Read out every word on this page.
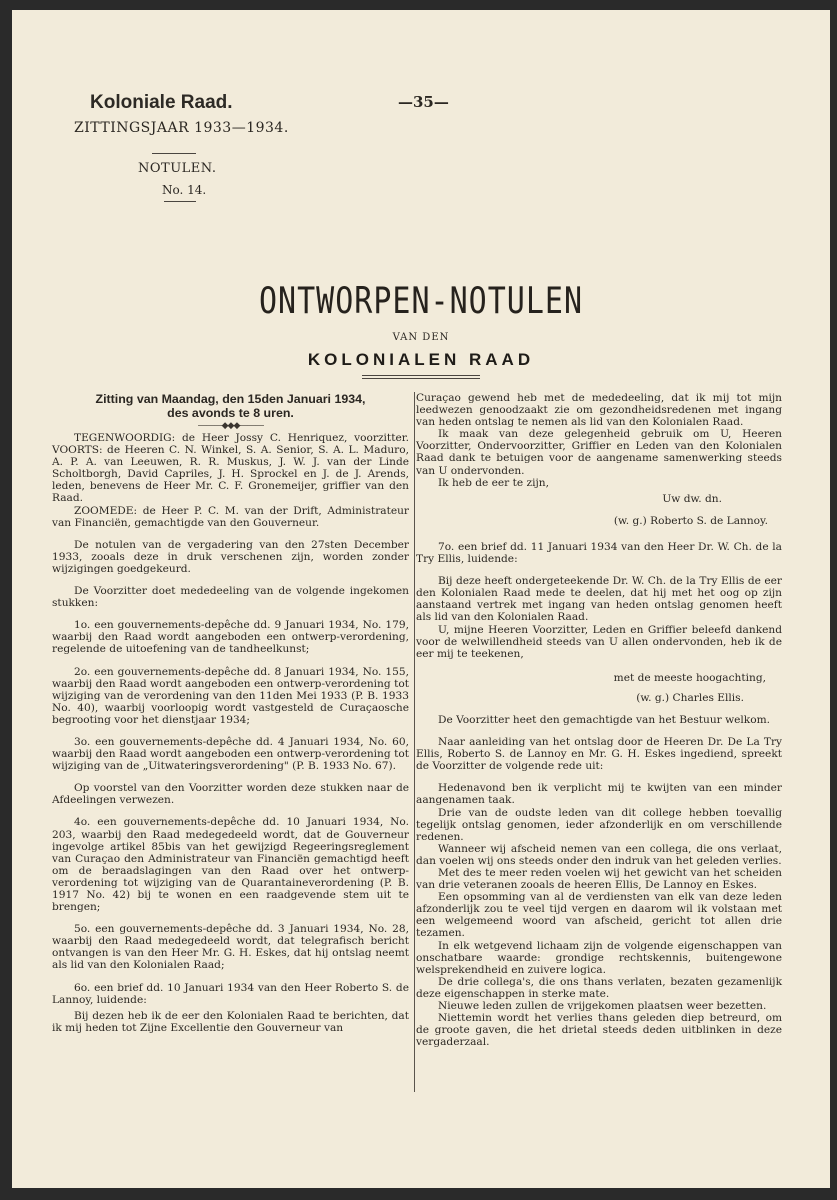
Koloniale Raad.
ZITTINGSJAAR 1933—1934.
—35—
NOTULEN.
No. 14.
ONTWORPEN-NOTULEN
VAN DEN
KOLONIALEN RAAD

Zitting van Maandag, den 15den Januari 1934,

des avonds te 8 uren.

———◆◆◆———

TEGENWOORDIG: de Heer Jossy C. Henriquez, voorzitter. VOORTS: de Heeren C. N. Winkel, S. A. Senior, S. A. L. Maduro, A. P. A. van Leeuwen, R. R. Muskus, J. W. J. van der Linde Scholtborgh, David Capriles, J. H. Sprockel en J. de J. Arends, leden, benevens de Heer Mr. C. F. Gronemeijer, griffier van den Raad.

ZOOMEDE: de Heer P. C. M. van der Drift, Administrateur van Financiën, gemachtigde van den Gouverneur.

De notulen van de vergadering van den 27sten December 1933, zooals deze in druk verschenen zijn, worden zonder wijzigingen goedgekeurd.

De Voorzitter doet mededeeling van de volgende ingekomen stukken:

1o. een gouvernements-depêche dd. 9 Januari 1934, No. 179, waarbij den Raad wordt aangeboden een ontwerp-verordening, regelende de uitoefening van de tandheelkunst;

2o. een gouvernements-depêche dd. 8 Januari 1934, No. 155, waarbij den Raad wordt aangeboden een ontwerp-verordening tot wijziging van de verordening van den 11den Mei 1933 (P. B. 1933 No. 40), waarbij voorloopig wordt vastgesteld de Curaçaosche begrooting voor het dienstjaar 1934;

3o. een gouvernements-depêche dd. 4 Januari 1934, No. 60, waarbij den Raad wordt aangeboden een ontwerp-verordening tot wijziging van de „Uitwateringsverordening" (P. B. 1933 No. 67).

Op voorstel van den Voorzitter worden deze stukken naar de Afdeelingen verwezen.

4o. een gouvernements-depêche dd. 10 Januari 1934, No. 203, waarbij den Raad medegedeeld wordt, dat de Gouverneur ingevolge artikel 85bis van het gewijzigd Regeeringsreglement van Curaçao den Administrateur van Financiën gemachtigd heeft om de beraadslagingen van den Raad over het ontwerp-verordening tot wijziging van de Quarantaineverordening (P. B. 1917 No. 42) bij te wonen en een raadgevende stem uit te brengen;

5o. een gouvernements-depêche dd. 3 Januari 1934, No. 28, waarbij den Raad medegedeeld wordt, dat telegrafisch bericht ontvangen is van den Heer Mr. G. H. Eskes, dat hij ontslag neemt als lid van den Kolonialen Raad;

6o. een brief dd. 10 Januari 1934 van den Heer Roberto S. de Lannoy, luidende:

Bij dezen heb ik de eer den Kolonialen Raad te berichten, dat ik mij heden tot Zijne Excellentie den Gouverneur van

Curaçao gewend heb met de mededeeling, dat ik mij tot mijn leedwezen genoodzaakt zie om gezondheidsredenen met ingang van heden ontslag te nemen als lid van den Kolonialen Raad.

Ik maak van deze gelegenheid gebruik om U, Heeren Voorzitter, Ondervoorzitter, Griffier en Leden van den Kolonialen Raad dank te betuigen voor de aangename samenwerking steeds van U ondervonden.

Ik heb de eer te zijn,

Uw dw. dn.

(w. g.) Roberto S. de Lannoy.

7o. een brief dd. 11 Januari 1934 van den Heer Dr. W. Ch. de la Try Ellis, luidende:

Bij deze heeft ondergeteekende Dr. W. Ch. de la Try Ellis de eer den Kolonialen Raad mede te deelen, dat hij met het oog op zijn aanstaand vertrek met ingang van heden ontslag genomen heeft als lid van den Kolonialen Raad.

U, mijne Heeren Voorzitter, Leden en Griffier beleefd dankend voor de welwillendheid steeds van U allen ondervonden, heb ik de eer mij te teekenen,

met de meeste hoogachting,

(w. g.) Charles Ellis.

De Voorzitter heet den gemachtigde van het Bestuur welkom.

Naar aanleiding van het ontslag door de Heeren Dr. De La Try Ellis, Roberto S. de Lannoy en Mr. G. H. Eskes ingediend, spreekt de Voorzitter de volgende rede uit:

Hedenavond ben ik verplicht mij te kwijten van een minder aangenamen taak.

Drie van de oudste leden van dit college hebben toevallig tegelijk ontslag genomen, ieder afzonderlijk en om verschillende redenen.

Wanneer wij afscheid nemen van een collega, die ons verlaat, dan voelen wij ons steeds onder den indruk van het geleden verlies.

Met des te meer reden voelen wij het gewicht van het scheiden van drie veteranen zooals de heeren Ellis, De Lannoy en Eskes.

Een opsomming van al de verdiensten van elk van deze leden afzonderlijk zou te veel tijd vergen en daarom wil ik volstaan met een welgemeend woord van afscheid, gericht tot allen drie tezamen.

In elk wetgevend lichaam zijn de volgende eigenschappen van onschatbare waarde: grondige rechtskennis, buitengewone welsprekendheid en zuivere logica.

De drie collega's, die ons thans verlaten, bezaten gezamenlijk deze eigenschappen in sterke mate.

Nieuwe leden zullen de vrijgekomen plaatsen weer bezetten.

Niettemin wordt het verlies thans geleden diep betreurd, om de groote gaven, die het drietal steeds deden uitblinken in deze vergaderzaal.
